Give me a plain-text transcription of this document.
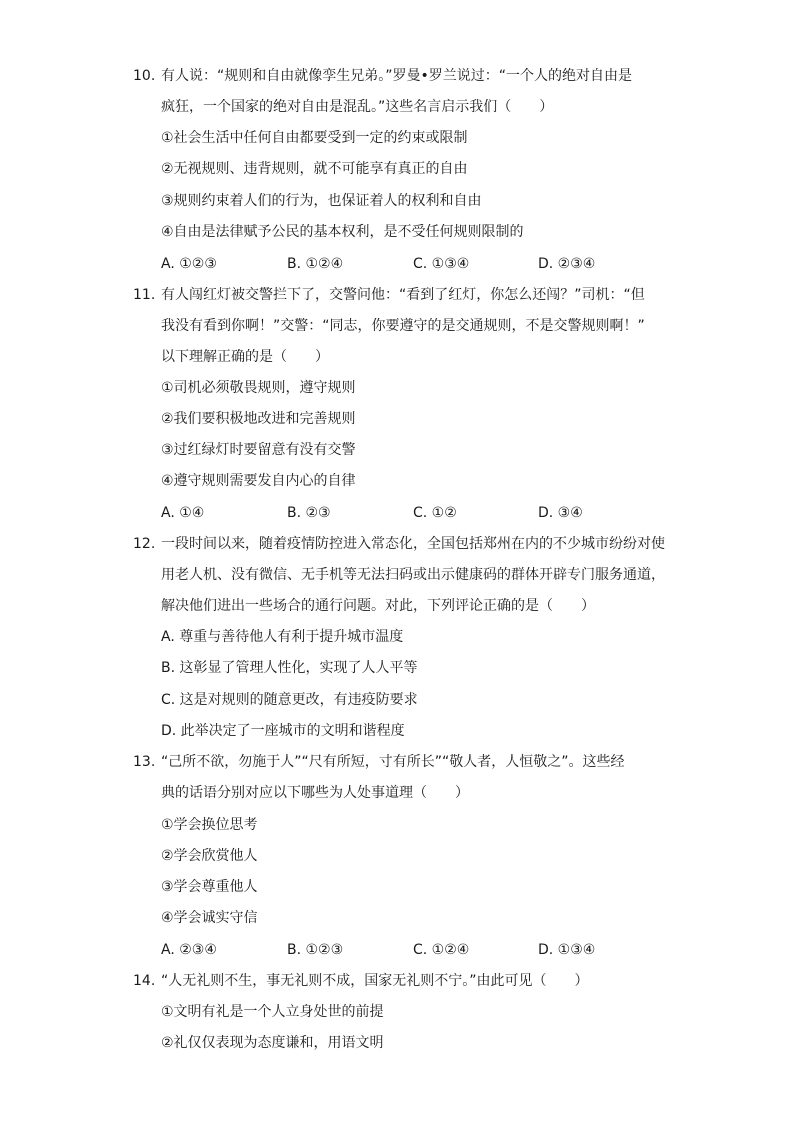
10. 有人说：“规则和自由就像孪生兄弟。”罗曼•罗兰说过：“一个人的绝对自由是
疯狂，一个国家的绝对自由是混乱。”这些名言启示我们（　　）
①社会生活中任何自由都要受到一定的约束或限制
②无视规则、违背规则，就不可能享有真正的自由
③规则约束着人们的行为，也保证着人的权利和自由
④自由是法律赋予公民的基本权利，是不受任何规则限制的
A. ①②③	B. ①②④	C. ①③④	D. ②③④
11. 有人闯红灯被交警拦下了，交警问他：“看到了红灯，你怎么还闯？”司机：“但
我没有看到你啊！”交警：“同志，你要遵守的是交通规则，不是交警规则啊！”
以下理解正确的是（　　）
①司机必须敬畏规则，遵守规则
②我们要积极地改进和完善规则
③过红绿灯时要留意有没有交警
④遵守规则需要发自内心的自律
A. ①④	B. ②③	C. ①②	D. ③④
12. 一段时间以来，随着疫情防控进入常态化，全国包括郑州在内的不少城市纷纷对使
用老人机、没有微信、无手机等无法扫码或出示健康码的群体开辟专门服务通道，
解决他们进出一些场合的通行问题。对此，下列评论正确的是（　　）
A. 尊重与善待他人有利于提升城市温度
B. 这彰显了管理人性化，实现了人人平等
C. 这是对规则的随意更改，有违疫防要求
D. 此举决定了一座城市的文明和谐程度
13. “己所不欲，勿施于人”“尺有所短，寸有所长”“敬人者，人恒敬之”。这些经
典的话语分别对应以下哪些为人处事道理（　　）
①学会换位思考
②学会欣赏他人
③学会尊重他人
④学会诚实守信
A. ②③④	B. ①②③	C. ①②④	D. ①③④
14. “人无礼则不生，事无礼则不成，国家无礼则不宁。”由此可见（　　）
①文明有礼是一个人立身处世的前提
②礼仅仅表现为态度谦和，用语文明
